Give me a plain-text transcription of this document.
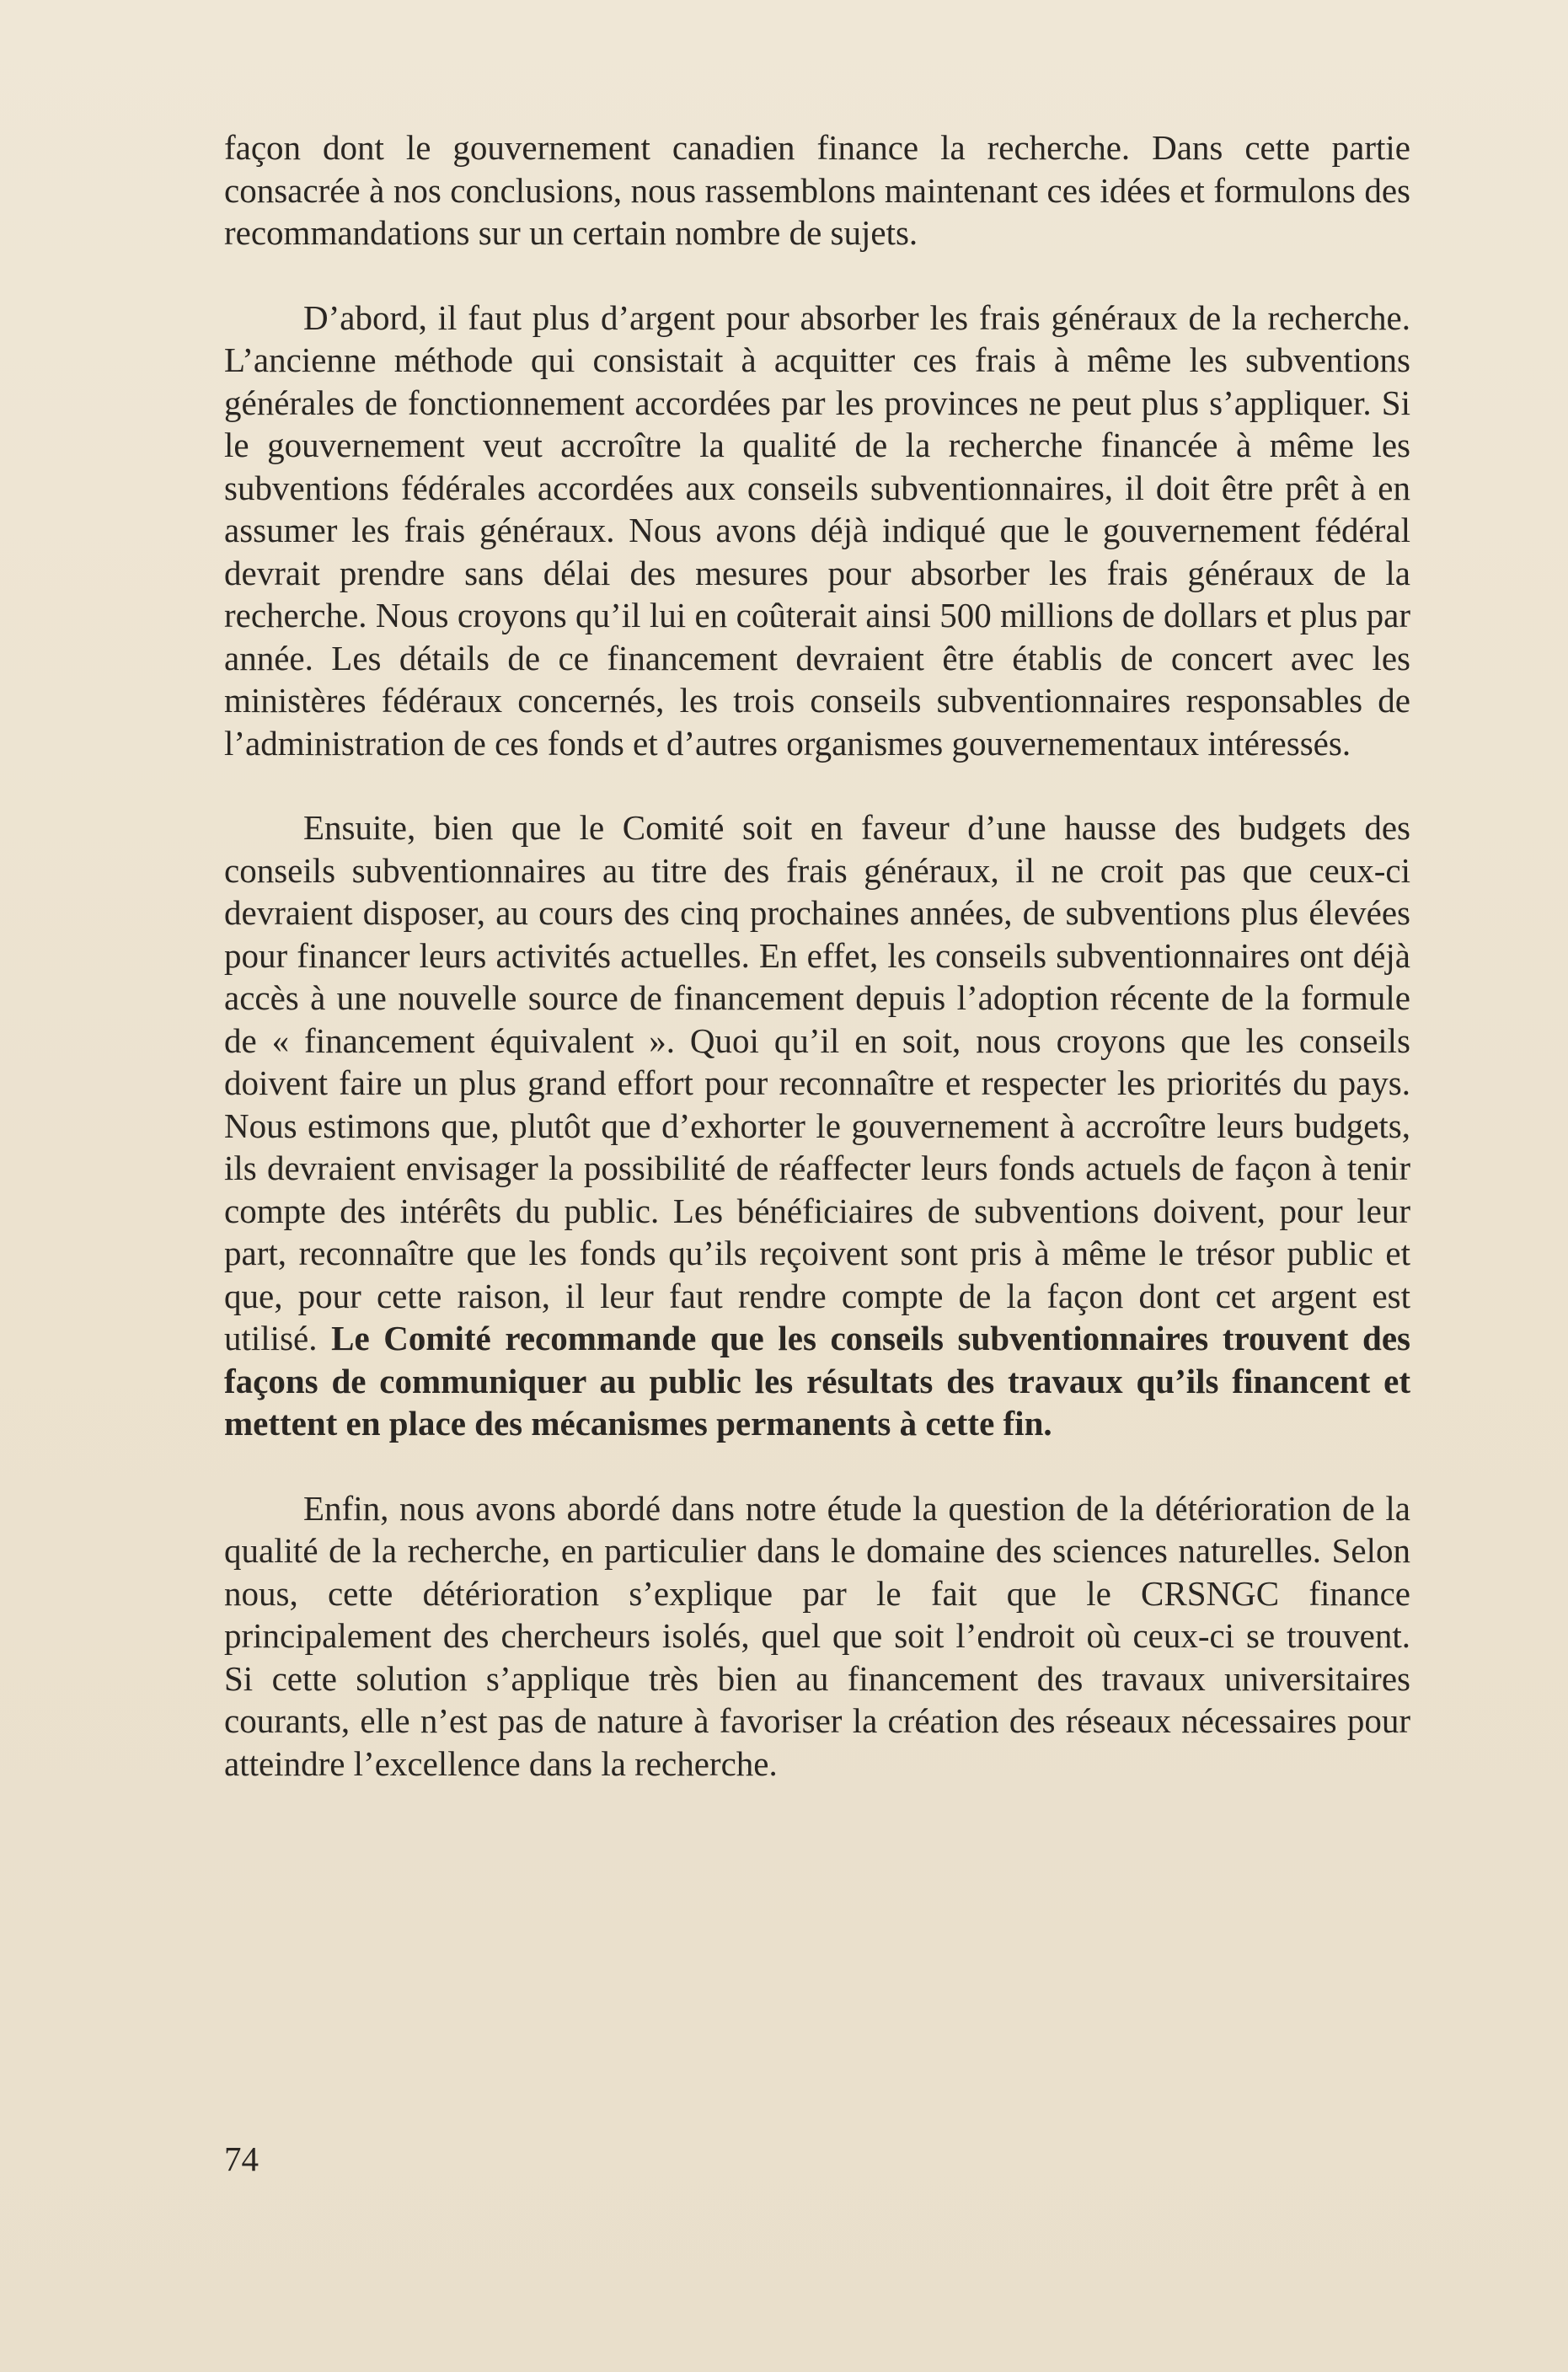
façon dont le gouvernement canadien finance la recherche. Dans cette partie consacrée à nos conclusions, nous rassemblons maintenant ces idées et formulons des recommandations sur un certain nombre de sujets.

D’abord, il faut plus d’argent pour absorber les frais généraux de la recherche. L’ancienne méthode qui consistait à acquitter ces frais à même les subventions générales de fonctionnement accordées par les provinces ne peut plus s’appliquer. Si le gouvernement veut accroître la qualité de la recherche financée à même les subventions fédérales accordées aux conseils subventionnaires, il doit être prêt à en assumer les frais généraux. Nous avons déjà indiqué que le gouvernement fédéral devrait prendre sans délai des mesures pour absorber les frais généraux de la recherche. Nous croyons qu’il lui en coûterait ainsi 500 millions de dollars et plus par année. Les détails de ce financement devraient être établis de concert avec les ministères fédéraux concernés, les trois conseils subventionnaires responsables de l’administration de ces fonds et d’autres organismes gouvernementaux intéressés.

Ensuite, bien que le Comité soit en faveur d’une hausse des budgets des conseils subventionnaires au titre des frais généraux, il ne croit pas que ceux-ci devraient disposer, au cours des cinq prochaines années, de subventions plus élevées pour financer leurs activités actuelles. En effet, les conseils subventionnaires ont déjà accès à une nouvelle source de financement depuis l’adoption récente de la formule de « financement équivalent ». Quoi qu’il en soit, nous croyons que les conseils doivent faire un plus grand effort pour reconnaître et respecter les priorités du pays. Nous estimons que, plutôt que d’exhorter le gouvernement à accroître leurs budgets, ils devraient envisager la possibilité de réaffecter leurs fonds actuels de façon à tenir compte des intérêts du public. Les bénéficiaires de subventions doivent, pour leur part, reconnaître que les fonds qu’ils reçoivent sont pris à même le trésor public et que, pour cette raison, il leur faut rendre compte de la façon dont cet argent est utilisé. Le Comité recommande que les conseils subventionnaires trouvent des façons de communiquer au public les résultats des travaux qu’ils financent et mettent en place des mécanismes permanents à cette fin.

Enfin, nous avons abordé dans notre étude la question de la détérioration de la qualité de la recherche, en particulier dans le domaine des sciences naturelles. Selon nous, cette détérioration s’explique par le fait que le CRSNGC finance principalement des chercheurs isolés, quel que soit l’endroit où ceux-ci se trouvent. Si cette solution s’applique très bien au financement des travaux universitaires courants, elle n’est pas de nature à favoriser la création des réseaux nécessaires pour atteindre l’excellence dans la recherche.

74
